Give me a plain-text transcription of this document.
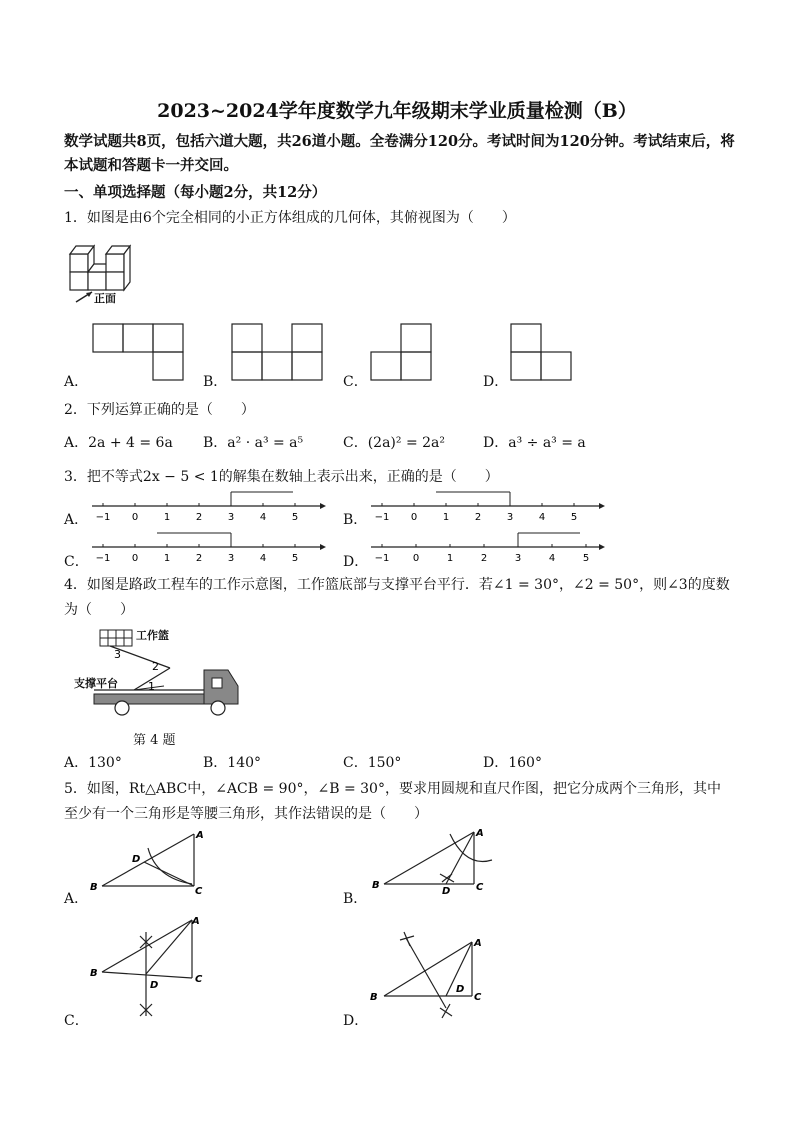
2023~2024学年度数学九年级期末学业质量检测（B）
数学试题共8页，包括六道大题，共26道小题。全卷满分120分。考试时间为120分钟。考试结束后，将本试题和答题卡一并交回。
一、单项选择题（每小题2分，共12分）
1．如图是由6个完全相同的小正方体组成的几何体，其俯视图为（　　）
正面
A．	B．	C．	D．
2．下列运算正确的是（　　）
A．2a + 4 = 6a B．a² · a³ = a⁵	C．(2a)² = 2a²	D．a³ ÷ a³ = a
3．把不等式2x − 5 < 1的解集在数轴上表示出来，正确的是（　　）
A．	B．
C．	D．
−1 0	1	2	3	4	5	−1 0	1	2	3	4	5
−1 0	1	2	3	4	5	−1 0	1	2	3	4	5
4．如图是路政工程车的工作示意图，工作篮底部与支撑平台平行．若∠1 = 30°，∠2 = 50°，则∠3的度数
为（　　）
1
2
3
工作篮
支撑平台
第 4 题
A．130°	B．140°	C．150°	D．160°
5．如图，Rt△ABC中，∠ACB = 90°，∠B = 30°，要求用圆规和直尺作图，把它分成两个三角形，其中
至少有一个三角形是等腰三角形，其作法错误的是（　　）
A
B	C
D
A
B	C
D
A
B
C
D
A
B	C
D
A．	B．
C．	D．
